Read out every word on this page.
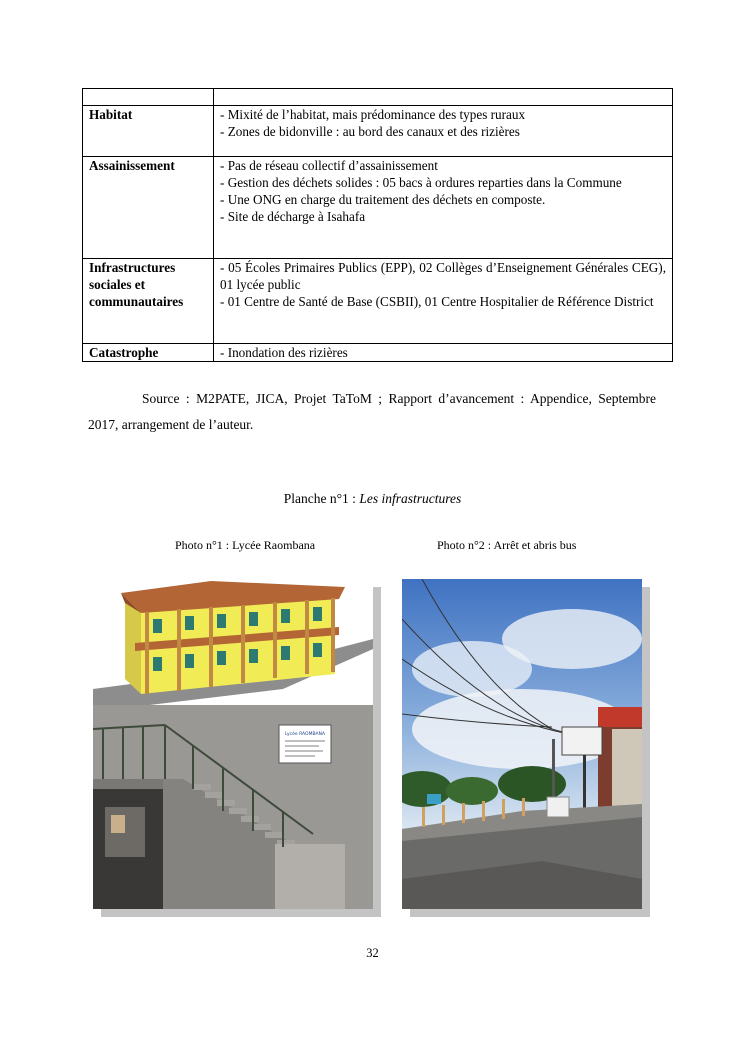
Habitat	- Mixité de l’habitat, mais prédominance des types ruraux
- Zones de bidonville : au bord des canaux et des rizières

Assainissement	- Pas de réseau collectif d’assainissement
- Gestion des déchets solides : 05 bacs à ordures reparties dans la Commune
- Une ONG en charge du traitement des déchets en composte.
- Site de décharge à Isahafa

Infrastructures sociales et communautaires	- 05 Écoles Primaires Publics (EPP), 02 Collèges d’Enseignement Générales CEG), 01 lycée public
- 01 Centre de Santé de Base (CSBII), 01 Centre Hospitalier de Référence District

Catastrophe	- Inondation des rizières
Source : M2PATE, JICA, Projet TaToM ; Rapport d’avancement : Appendice, Septembre 2017, arrangement de l’auteur.
Planche n°1 : Les infrastructures
Photo n°1 : Lycée Raombana	Photo n°2 : Arrêt et abris bus
Lycée RAOMBANA
32
